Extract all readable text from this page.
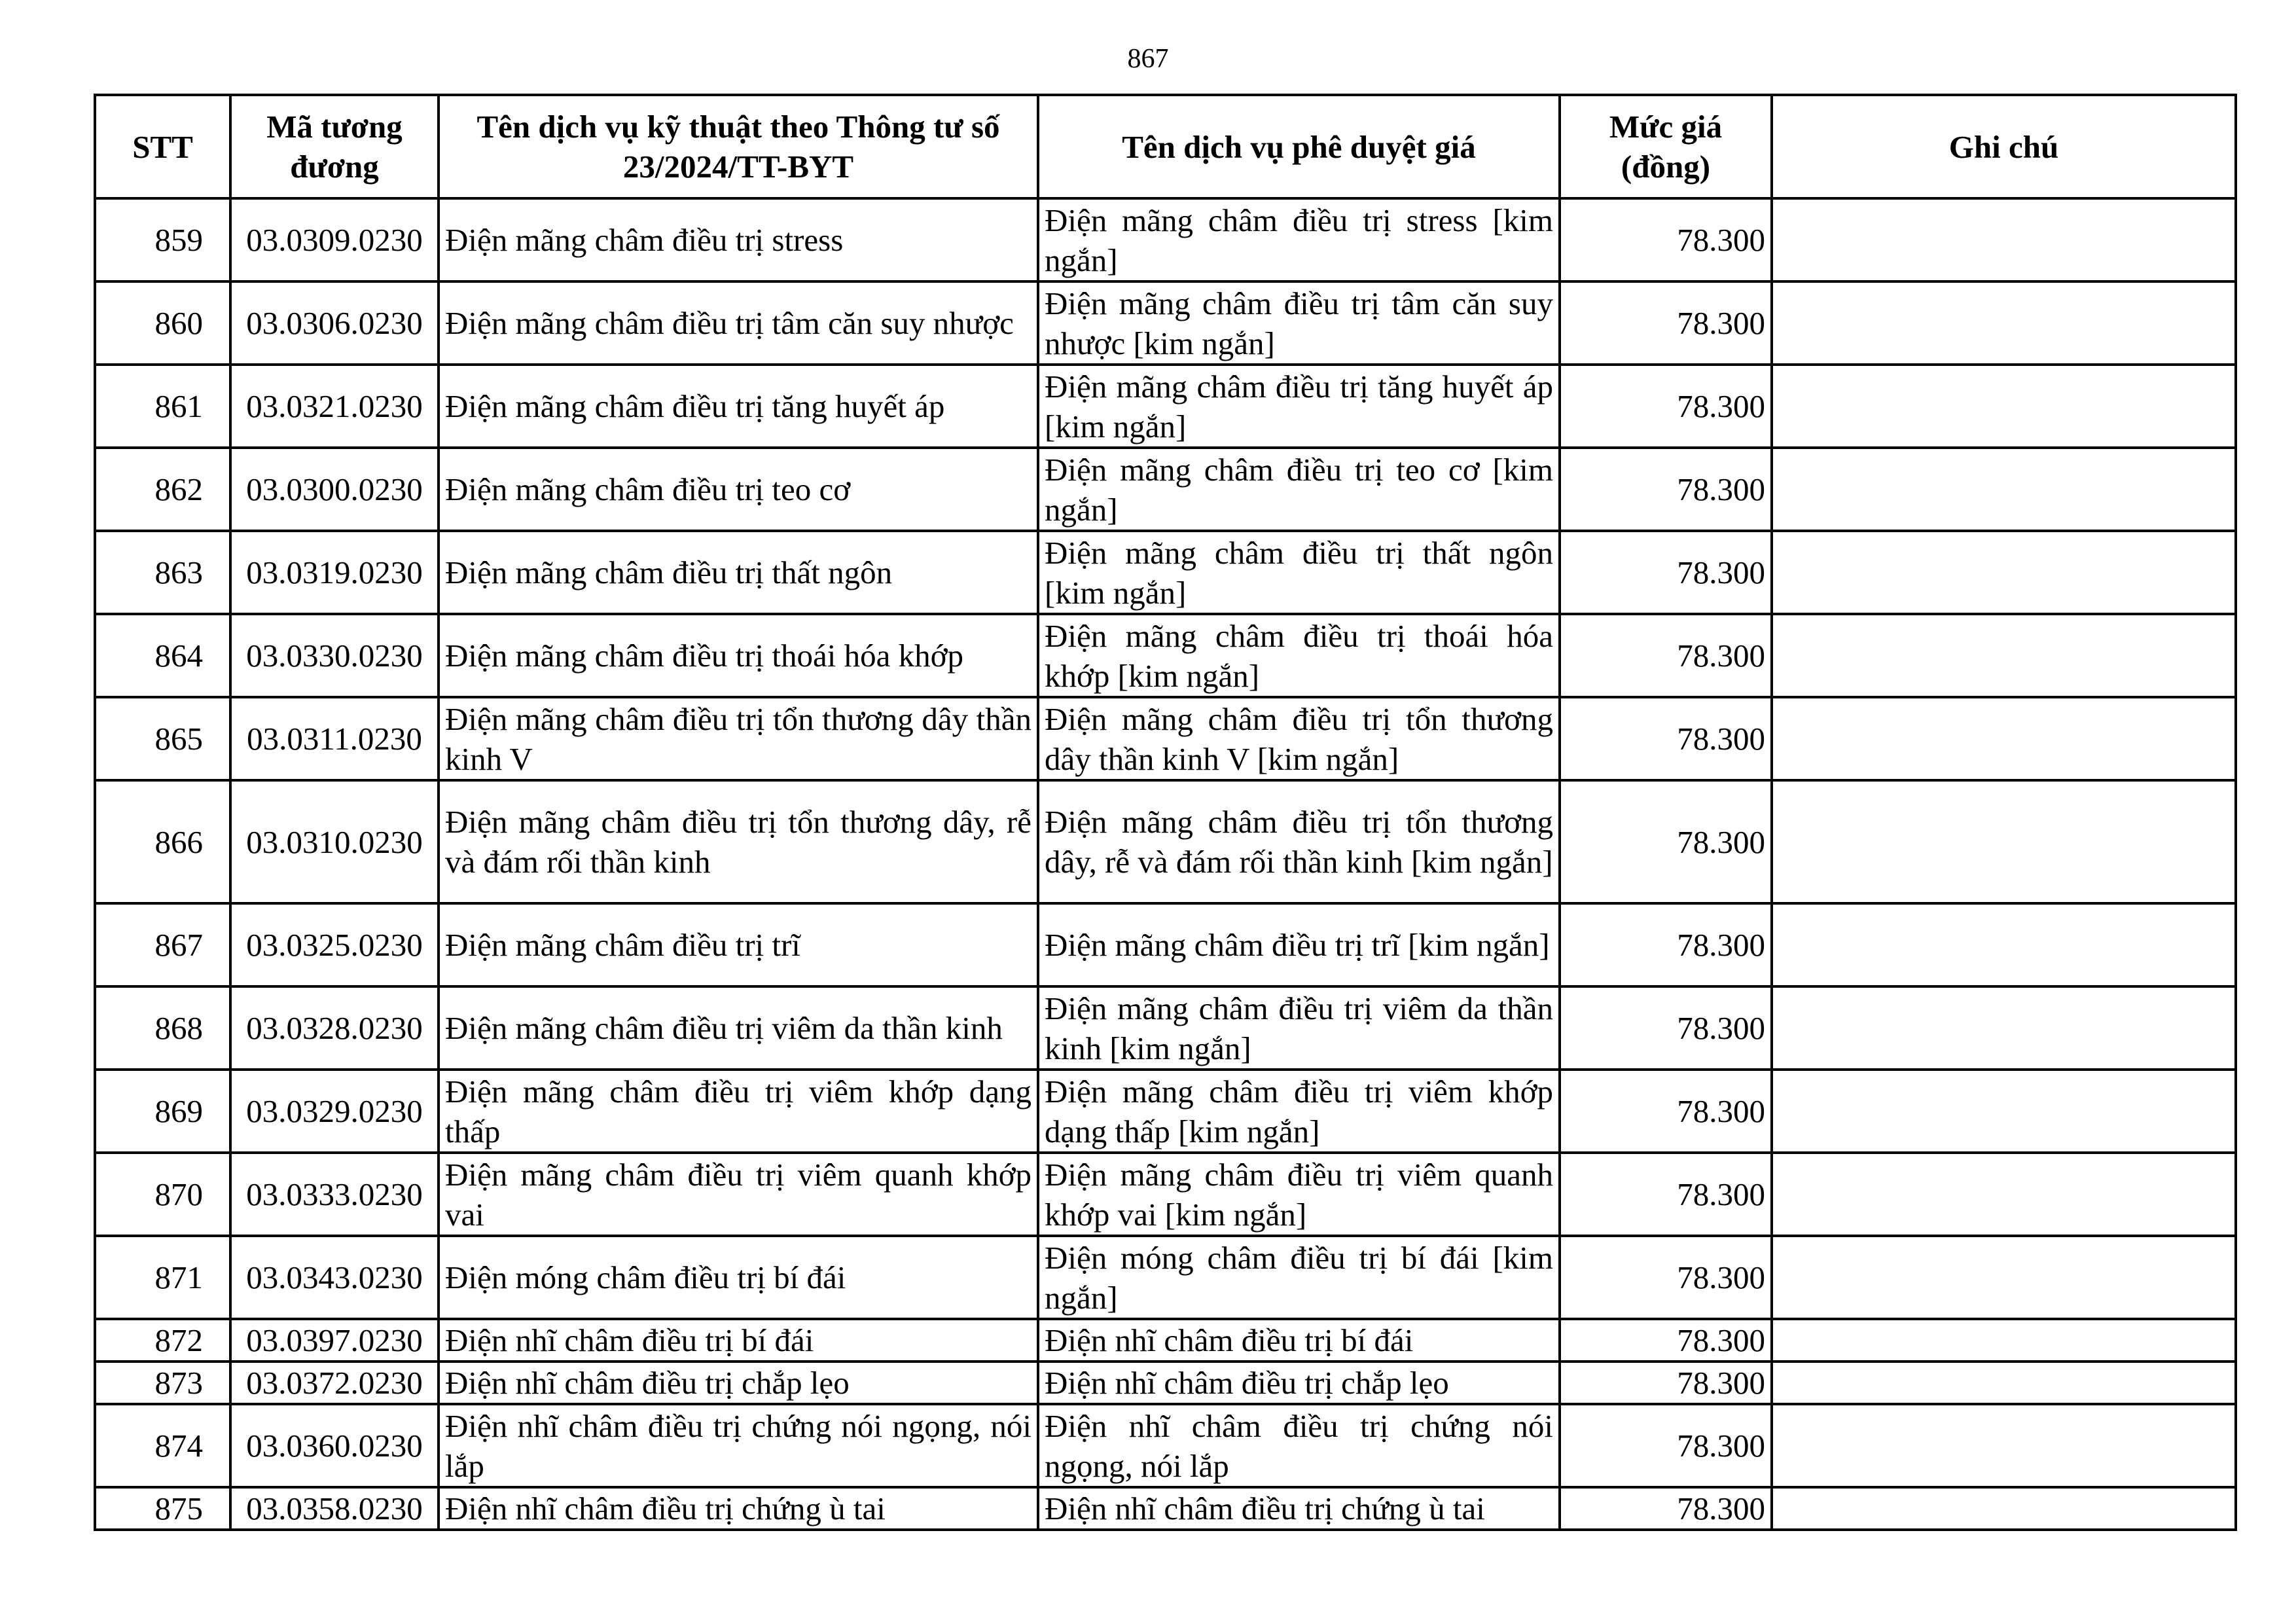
867
STT	Mã tương đương	Tên dịch vụ kỹ thuật theo Thông tư số 23/2024/TT-BYT	Tên dịch vụ phê duyệt giá	Mức giá (đồng)	Ghi chú
859	03.0309.0230	Điện mãng châm điều trị stress	Điện mãng châm điều trị stress [kim ngắn]	78.300	
860	03.0306.0230	Điện mãng châm điều trị tâm căn suy nhược	Điện mãng châm điều trị tâm căn suy nhược [kim ngắn]	78.300	
861	03.0321.0230	Điện mãng châm điều trị tăng huyết áp	Điện mãng châm điều trị tăng huyết áp [kim ngắn]	78.300	
862	03.0300.0230	Điện mãng châm điều trị teo cơ	Điện mãng châm điều trị teo cơ [kim ngắn]	78.300	
863	03.0319.0230	Điện mãng châm điều trị thất ngôn	Điện mãng châm điều trị thất ngôn [kim ngắn]	78.300	
864	03.0330.0230	Điện mãng châm điều trị thoái hóa khớp	Điện mãng châm điều trị thoái hóa khớp [kim ngắn]	78.300	
865	03.0311.0230	Điện mãng châm điều trị tổn thương dây thần kinh V	Điện mãng châm điều trị tổn thương dây thần kinh V [kim ngắn]	78.300	
866	03.0310.0230	Điện mãng châm điều trị tổn thương dây, rễ và đám rối thần kinh	Điện mãng châm điều trị tổn thương dây, rễ và đám rối thần kinh [kim ngắn]	78.300	
867	03.0325.0230	Điện mãng châm điều trị trĩ	Điện mãng châm điều trị trĩ [kim ngắn]	78.300	
868	03.0328.0230	Điện mãng châm điều trị viêm da thần kinh	Điện mãng châm điều trị viêm da thần kinh [kim ngắn]	78.300	
869	03.0329.0230	Điện mãng châm điều trị viêm khớp dạng thấp	Điện mãng châm điều trị viêm khớp dạng thấp [kim ngắn]	78.300	
870	03.0333.0230	Điện mãng châm điều trị viêm quanh khớp vai	Điện mãng châm điều trị viêm quanh khớp vai [kim ngắn]	78.300	
871	03.0343.0230	Điện móng châm điều trị bí đái	Điện móng châm điều trị bí đái [kim ngắn]	78.300	
872	03.0397.0230	Điện nhĩ châm điều trị bí đái	Điện nhĩ châm điều trị bí đái	78.300	
873	03.0372.0230	Điện nhĩ châm điều trị chắp lẹo	Điện nhĩ châm điều trị chắp lẹo	78.300	
874	03.0360.0230	Điện nhĩ châm điều trị chứng nói ngọng, nói lắp	Điện nhĩ châm điều trị chứng nói ngọng, nói lắp	78.300	
875	03.0358.0230	Điện nhĩ châm điều trị chứng ù tai	Điện nhĩ châm điều trị chứng ù tai	78.300	
